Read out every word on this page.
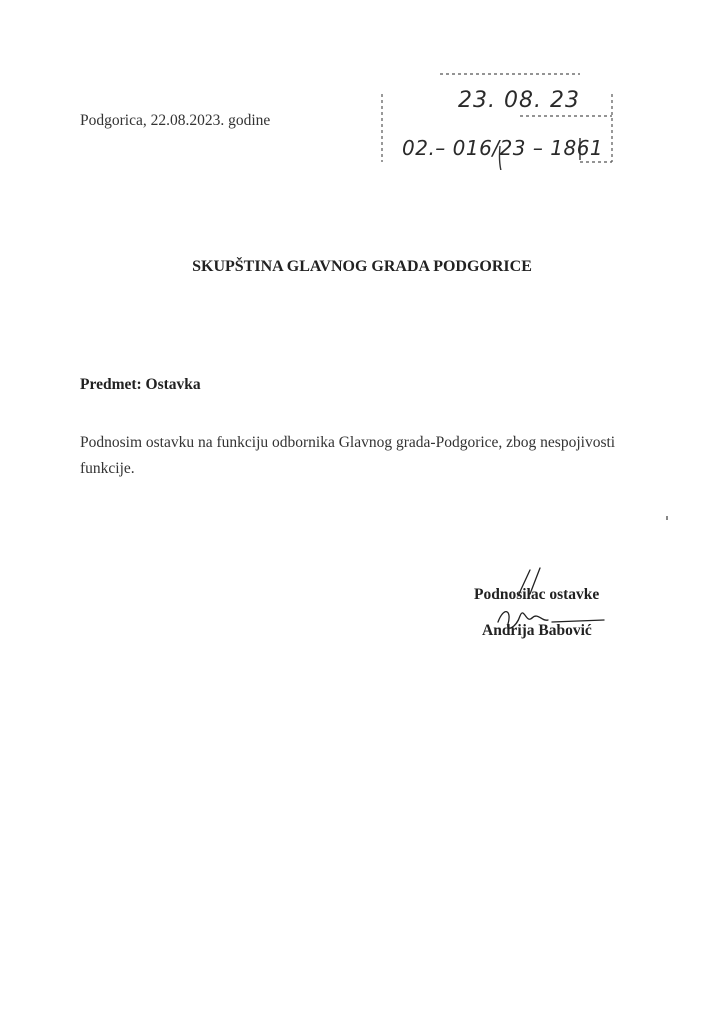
Podgorica, 22.08.2023. godine
23. 08. 23
02.– 016/23 – 1861
SKUPŠTINA GLAVNOG GRADA PODGORICE
Predmet: Ostavka
Podnosim ostavku na funkciju odbornika Glavnog grada-Podgorice, zbog nespojivosti funkcije.
Podnosilac ostavke
Andrija Babović
